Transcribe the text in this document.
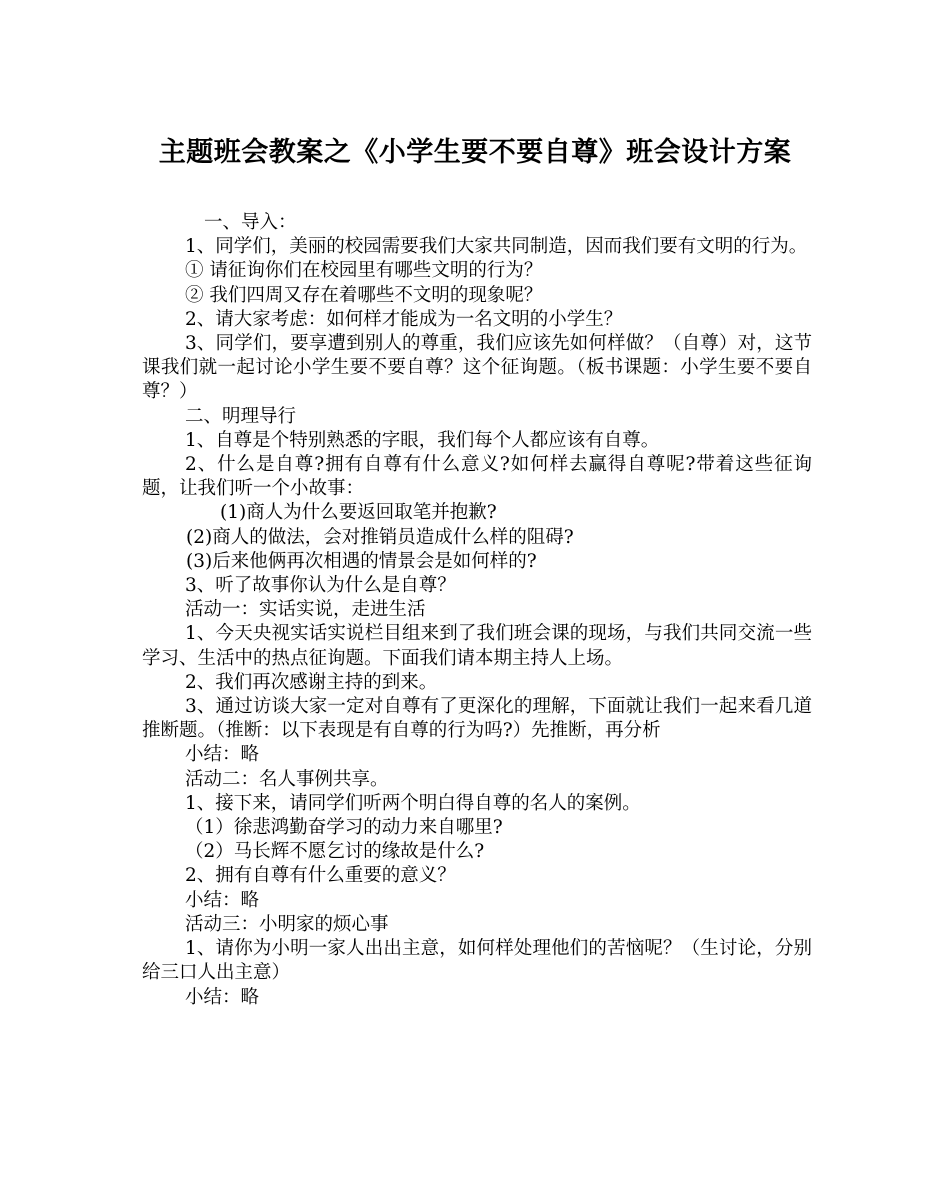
主题班会教案之《小学生要不要自尊》班会设计方案

一、导入：

1、同学们，美丽的校园需要我们大家共同制造，因而我们要有文明的行为。

① 请征询你们在校园里有哪些文明的行为？

② 我们四周又存在着哪些不文明的现象呢？

2、请大家考虑：如何样才能成为一名文明的小学生？

3、同学们，要享遭到别人的尊重，我们应该先如何样做？（自尊）对，这节课我们就一起讨论小学生要不要自尊？这个征询题。（板书课题：小学生要不要自尊？）

二、明理导行

1、自尊是个特别熟悉的字眼，我们每个人都应该有自尊。

2、什么是自尊?拥有自尊有什么意义?如何样去赢得自尊呢?带着这些征询题，让我们听一个小故事：

(1)商人为什么要返回取笔并抱歉?

(2)商人的做法，会对推销员造成什么样的阻碍?

(3)后来他俩再次相遇的情景会是如何样的?

3、听了故事你认为什么是自尊？

活动一：实话实说，走进生活

1、今天央视实话实说栏目组来到了我们班会课的现场，与我们共同交流一些学习、生活中的热点征询题。下面我们请本期主持人上场。

2、我们再次感谢主持的到来。

3、通过访谈大家一定对自尊有了更深化的理解，下面就让我们一起来看几道推断题。（推断：以下表现是有自尊的行为吗?）先推断，再分析

小结：略

活动二：名人事例共享。

1、接下来，请同学们听两个明白得自尊的名人的案例。

（1）徐悲鸿勤奋学习的动力来自哪里?

（2）马长辉不愿乞讨的缘故是什么?

2、拥有自尊有什么重要的意义？

小结：略

活动三：小明家的烦心事

1、请你为小明一家人出出主意，如何样处理他们的苦恼呢？（生讨论，分别给三口人出主意）

小结：略
